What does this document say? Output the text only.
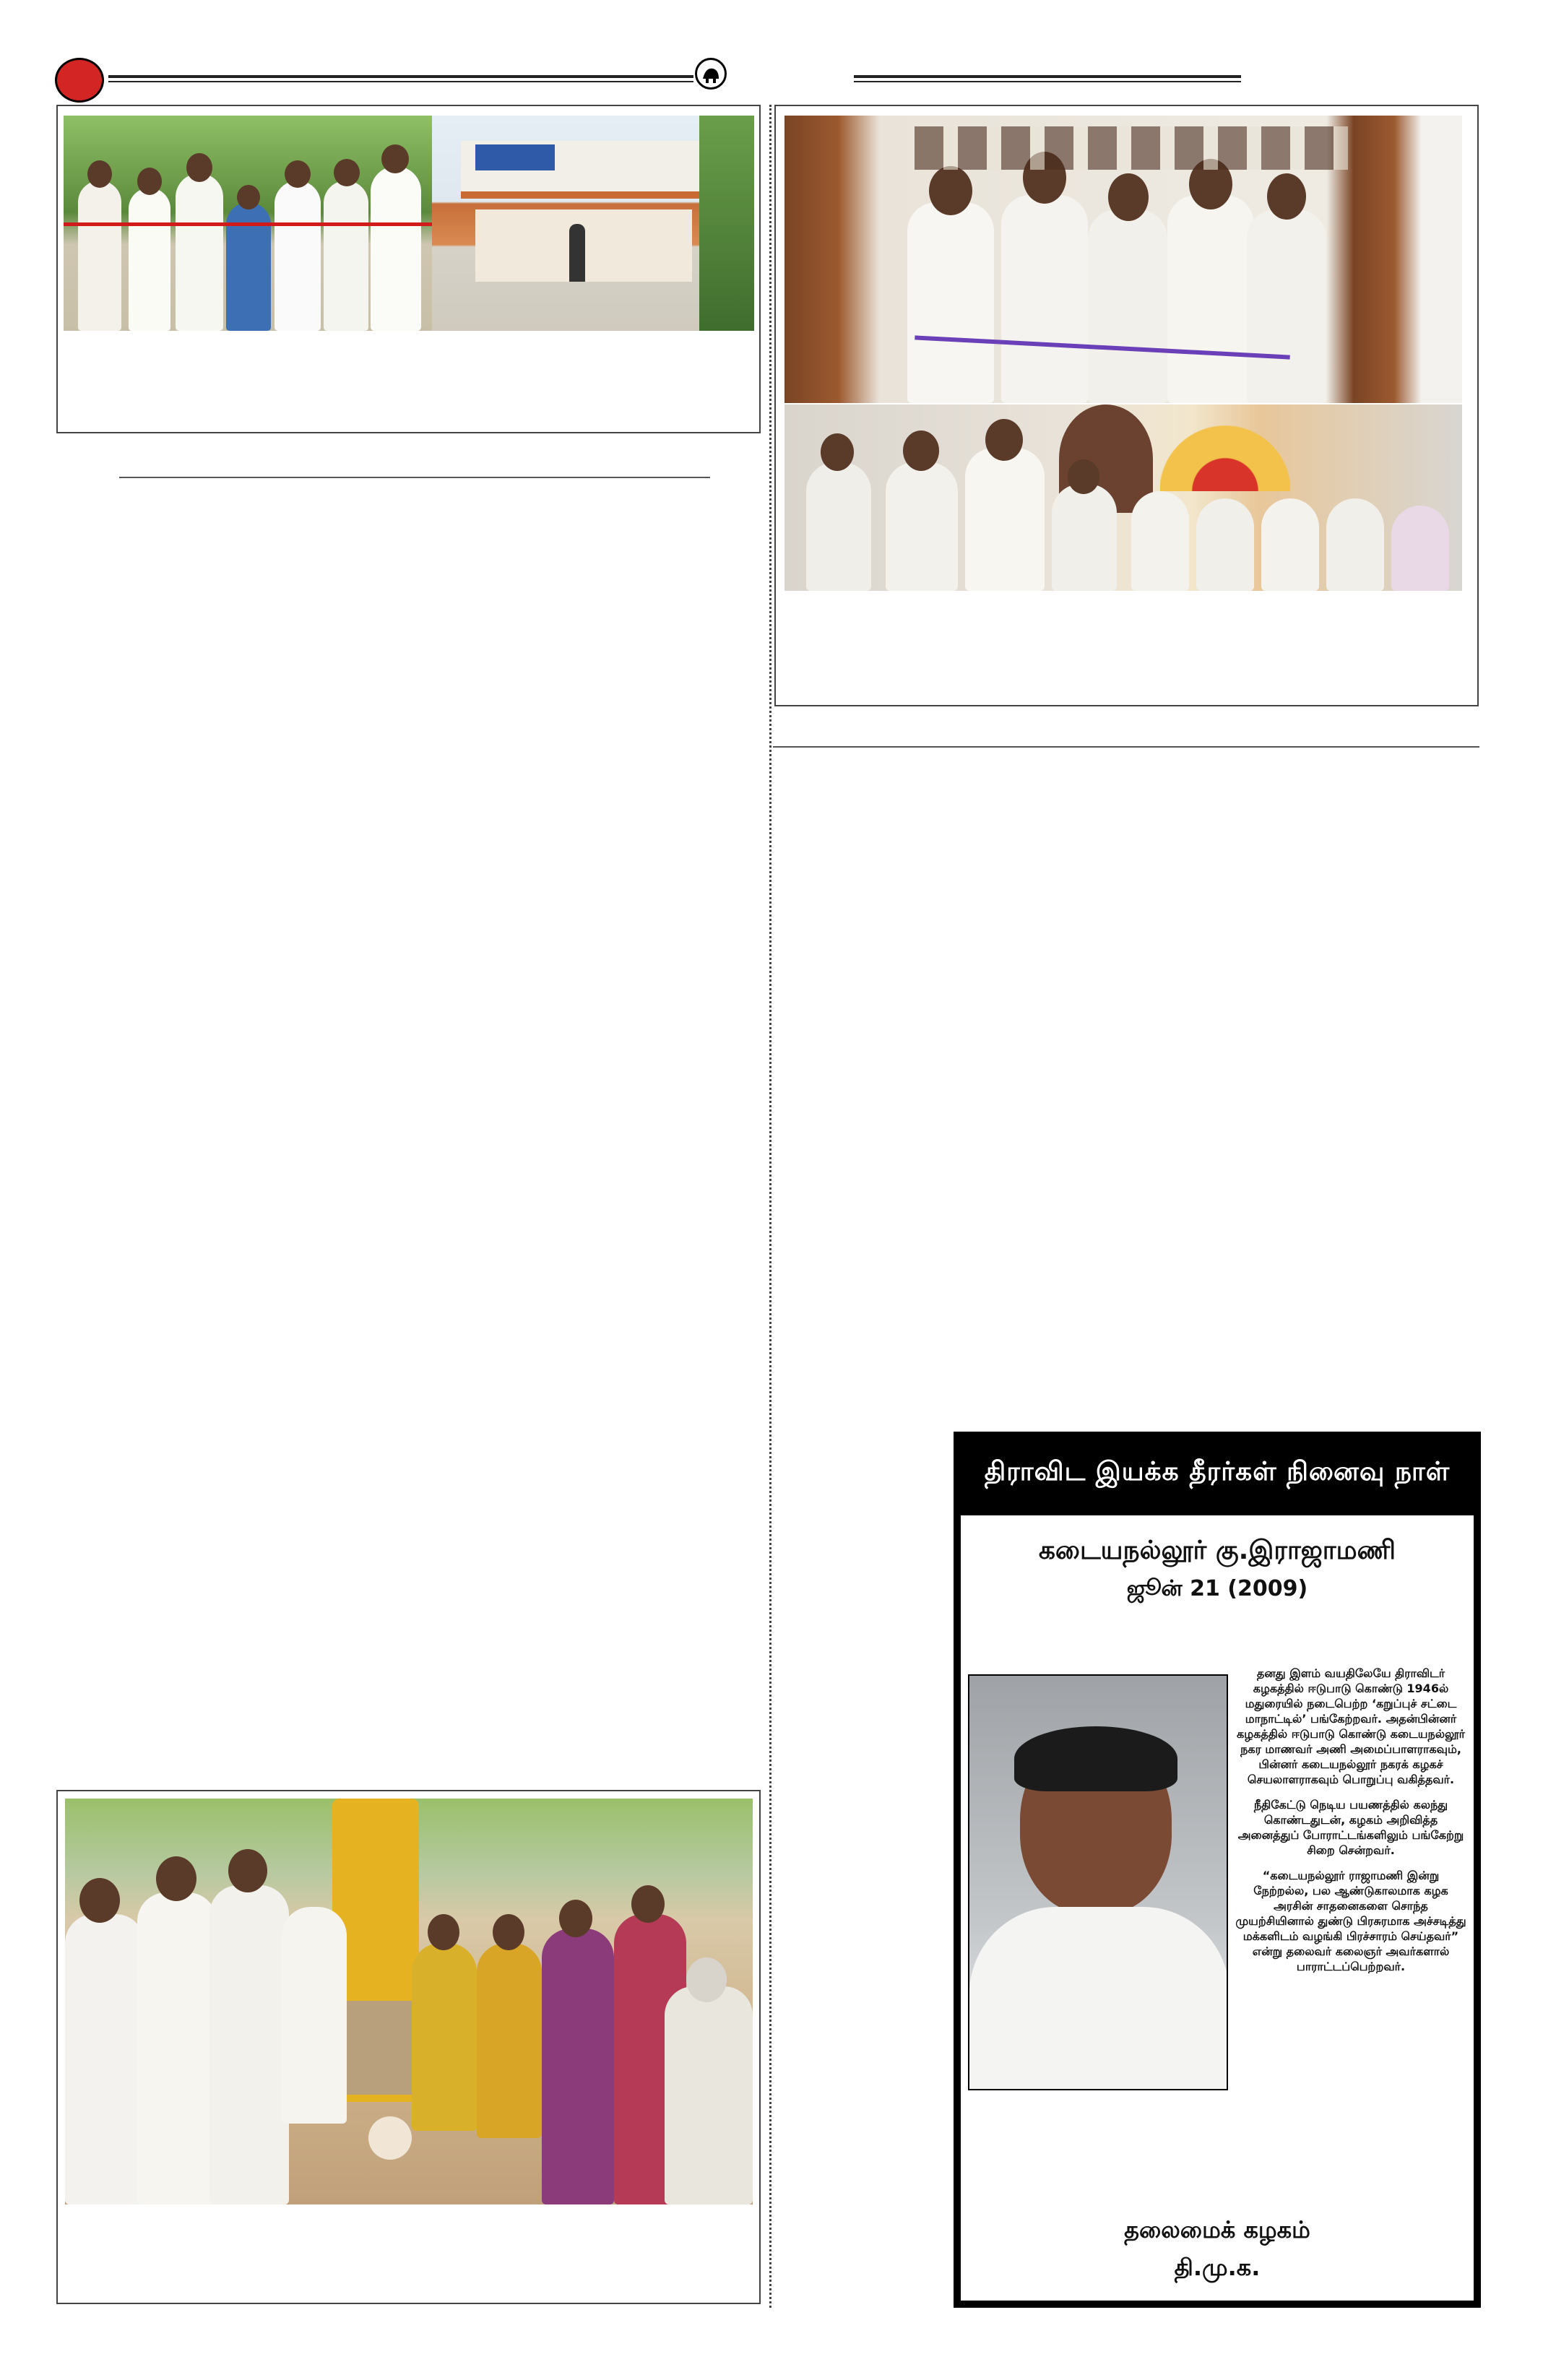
திராவிட இயக்க தீரர்கள் நினைவு நாள்
கடையநல்லூர் கு.இராஜாமணி
ஜூன் 21 (2009)

தனது இளம் வயதிலேயே திராவிடர் கழகத்தில் ஈடுபாடு கொண்டு 1946ல் மதுரையில் நடைபெற்ற ‘கறுப்புச் சட்டை மாநாட்டில்’ பங்கேற்றவர். அதன்பின்னர் கழகத்தில் ஈடுபாடு கொண்டு கடையநல்லூர் நகர மாணவர் அணி அமைப்பாளராகவும், பின்னர் கடையநல்லூர் நகரக் கழகச் செயலாளராகவும் பொறுப்பு வகித்தவர்.

நீதிகேட்டு நெடிய பயணத்தில் கலந்து கொண்டதுடன், கழகம் அறிவித்த அனைத்துப் போராட்டங்களிலும் பங்கேற்று சிறை சென்றவர்.

“கடையநல்லூர் ராஜாமணி இன்று நேற்றல்ல, பல ஆண்டுகாலமாக கழக அரசின் சாதனைகளை சொந்த முயற்சியினால் துண்டு பிரசுரமாக அச்சடித்து மக்களிடம் வழங்கி பிரச்சாரம் செய்தவர்” என்று தலைவர் கலைஞர் அவர்களால் பாராட்டப்பெற்றவர்.

தலைமைக் கழகம்
தி.மு.க.
